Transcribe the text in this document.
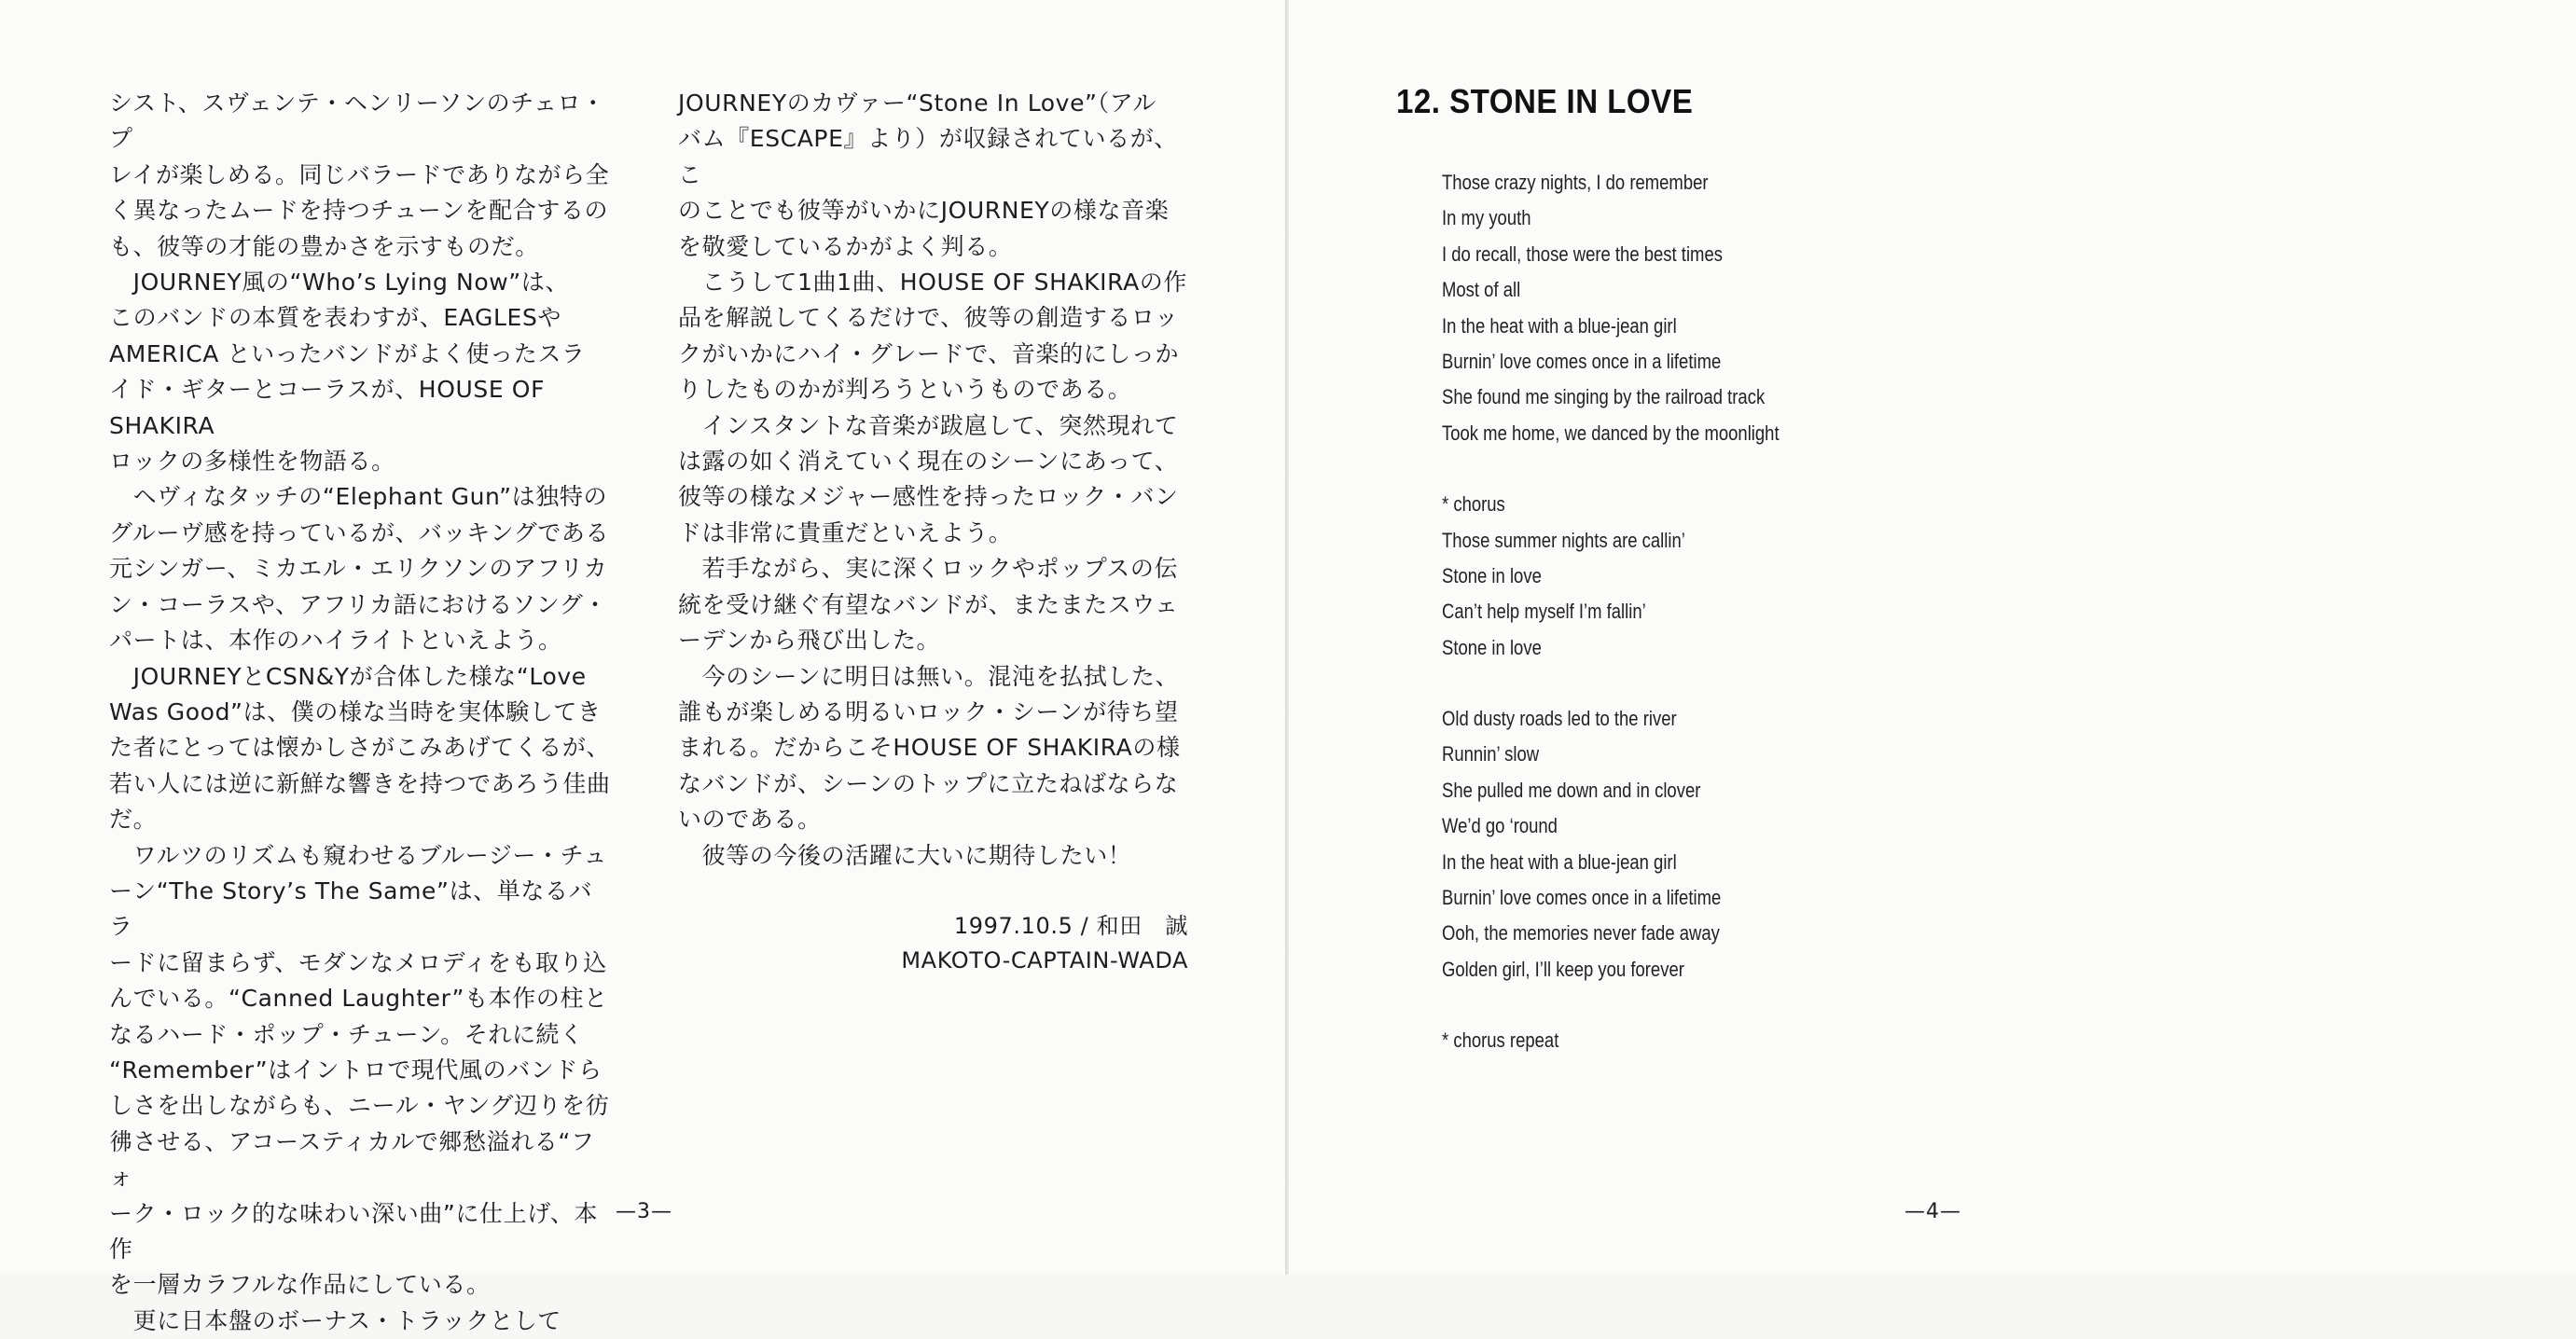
シスト、スヴェンテ・ヘンリーソンのチェロ・プ
レイが楽しめる。同じバラードでありながら全
く異なったムードを持つチューンを配合するの
も、彼等の才能の豊かさを示すものだ。

　JOURNEY風の“Who’s Lying Now”は、
このバンドの本質を表わすが、EAGLESや
AMERICA といったバンドがよく使ったスラ
イド・ギターとコーラスが、HOUSE OF SHAKIRA
ロックの多様性を物語る。

　ヘヴィなタッチの“Elephant Gun”は独特の
グルーヴ感を持っているが、バッキングである
元シンガー、ミカエル・エリクソンのアフリカ
ン・コーラスや、アフリカ語におけるソング・
パートは、本作のハイライトといえよう。

　JOURNEYとCSN&Yが合体した様な“Love
Was Good”は、僕の様な当時を実体験してき
た者にとっては懐かしさがこみあげてくるが、
若い人には逆に新鮮な響きを持つであろう佳曲
だ。

　ワルツのリズムも窺わせるブルージー・チュ
ーン“The Story’s The Same”は、単なるバラ
ードに留まらず、モダンなメロディをも取り込
んでいる。“Canned Laughter”も本作の柱と
なるハード・ポップ・チューン。それに続く
“Remember”はイントロで現代風のバンドら
しさを出しながらも、ニール・ヤング辺りを彷
彿させる、アコースティカルで郷愁溢れる“フォ
ーク・ロック的な味わい深い曲”に仕上げ、本作
を一層カラフルな作品にしている。

　更に日本盤のボーナス・トラックとして

JOURNEYのカヴァー“Stone In Love”（アル
バム『ESCAPE』より）が収録されているが、こ
のことでも彼等がいかにJOURNEYの様な音楽
を敬愛しているかがよく判る。

　こうして1曲1曲、HOUSE OF SHAKIRAの作
品を解説してくるだけで、彼等の創造するロッ
クがいかにハイ・グレードで、音楽的にしっか
りしたものかが判ろうというものである。

　インスタントな音楽が跋扈して、突然現れて
は露の如く消えていく現在のシーンにあって、
彼等の様なメジャー感性を持ったロック・バン
ドは非常に貴重だといえよう。

　若手ながら、実に深くロックやポップスの伝
統を受け継ぐ有望なバンドが、またまたスウェ
ーデンから飛び出した。

　今のシーンに明日は無い。混沌を払拭した、
誰もが楽しめる明るいロック・シーンが待ち望
まれる。だからこそHOUSE OF SHAKIRAの様
なバンドが、シーンのトップに立たねばならな
いのである。

　彼等の今後の活躍に大いに期待したい！

1997.10.5 / 和田　誠
MAKOTO-CAPTAIN-WADA
—3—
12. STONE IN LOVE
Those crazy nights, I do remember
In my youth
I do recall, those were the best times
Most of all
In the heat with a blue-jean girl
Burnin’ love comes once in a lifetime
She found me singing by the railroad track
Took me home, we danced by the moonlight
* chorus
Those summer nights are callin’
Stone in love
Can’t help myself I’m fallin’
Stone in love
Old dusty roads led to the river
Runnin’ slow
She pulled me down and in clover
We’d go ‘round
In the heat with a blue-jean girl
Burnin’ love comes once in a lifetime
Ooh, the memories never fade away
Golden girl, I’ll keep you forever
* chorus repeat
—4—
